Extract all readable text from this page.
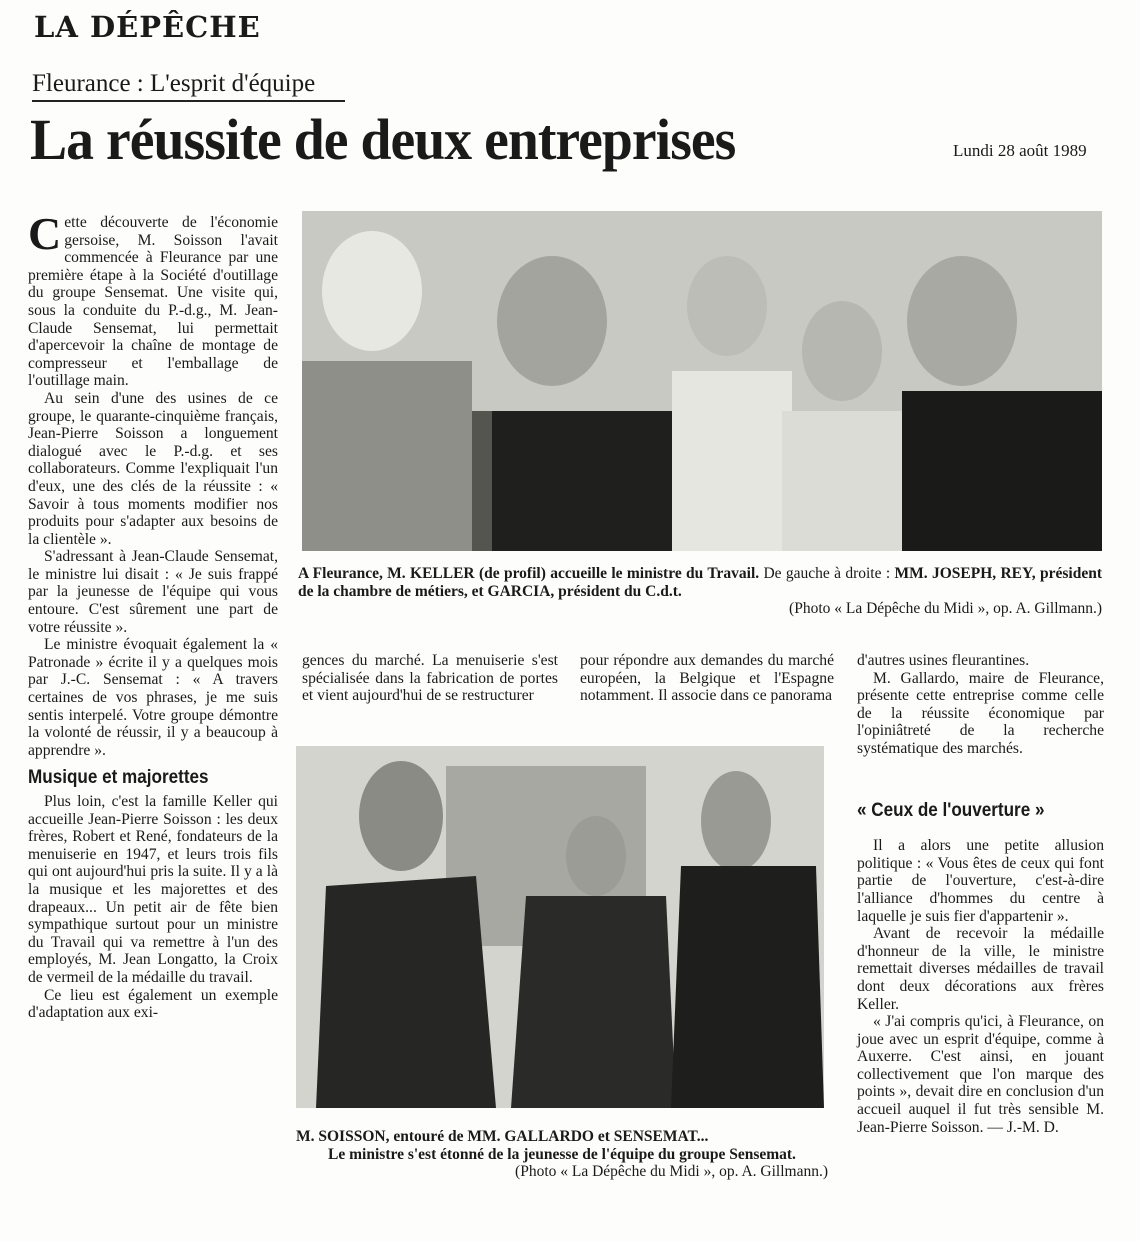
LA DÉPÊCHE
Fleurance : L'esprit d'équipe
La réussite de deux entreprises	Lundi 28 août 1989

Cette découverte de l'économie gersoise, M. Soisson l'avait commencée à Fleurance par une première étape à la Société d'outillage du groupe Sensemat. Une visite qui, sous la conduite du P.-d.g., M. Jean-Claude Sensemat, lui permettait d'apercevoir la chaîne de montage de compresseur et l'emballage de l'outillage main.

Au sein d'une des usines de ce groupe, le quarante-cinquième français, Jean-Pierre Soisson a longuement dialogué avec le P.-d.g. et ses collaborateurs. Comme l'expliquait l'un d'eux, une des clés de la réussite : « Savoir à tous moments modifier nos produits pour s'adapter aux besoins de la clientèle ».

S'adressant à Jean-Claude Sensemat, le ministre lui disait : « Je suis frappé par la jeunesse de l'équipe qui vous entoure. C'est sûrement une part de votre réussite ».

Le ministre évoquait également la « Patronade » écrite il y a quelques mois par J.-C. Sensemat : « A travers certaines de vos phrases, je me suis sentis interpelé. Votre groupe démontre la volonté de réussir, il y a beaucoup à apprendre ».

Musique et majorettes

Plus loin, c'est la famille Keller qui accueille Jean-Pierre Soisson : les deux frères, Robert et René, fondateurs de la menuiserie en 1947, et leurs trois fils qui ont aujourd'hui pris la suite. Il y a là la musique et les majorettes et des drapeaux... Un petit air de fête bien sympathique surtout pour un ministre du Travail qui va remettre à l'un des employés, M. Jean Longatto, la Croix de vermeil de la médaille du travail.

Ce lieu est également un exemple d'adaptation aux exi-

A Fleurance, M. KELLER (de profil) accueille le ministre du Travail. De gauche à droite : MM. JOSEPH, REY, président de la chambre de métiers, et GARCIA, président du C.d.t.
(Photo « La Dépêche du Midi », op. A. Gillmann.)

gences du marché. La menuiserie s'est spécialisée dans la fabrication de portes et vient aujourd'hui de se restructurer

pour répondre aux demandes du marché européen, la Belgique et l'Espagne notamment. Il associe dans ce panorama

M. SOISSON, entouré de MM. GALLARDO et SENSEMAT...
Le ministre s'est étonné de la jeunesse de l'équipe du groupe Sensemat.
(Photo « La Dépêche du Midi », op. A. Gillmann.)

d'autres usines fleurantines.

M. Gallardo, maire de Fleurance, présente cette entreprise comme celle de la réussite économique par l'opiniâtreté de la recherche systématique des marchés.

« Ceux de l'ouverture »

Il a alors une petite allusion politique : « Vous êtes de ceux qui font partie de l'ouverture, c'est-à-dire l'alliance d'hommes du centre à laquelle je suis fier d'appartenir ».

Avant de recevoir la médaille d'honneur de la ville, le ministre remettait diverses médailles de travail dont deux décorations aux frères Keller.

« J'ai compris qu'ici, à Fleurance, on joue avec un esprit d'équipe, comme à Auxerre. C'est ainsi, en jouant collectivement que l'on marque des points », devait dire en conclusion d'un accueil auquel il fut très sensible M. Jean-Pierre Soisson. — J.-M. D.
